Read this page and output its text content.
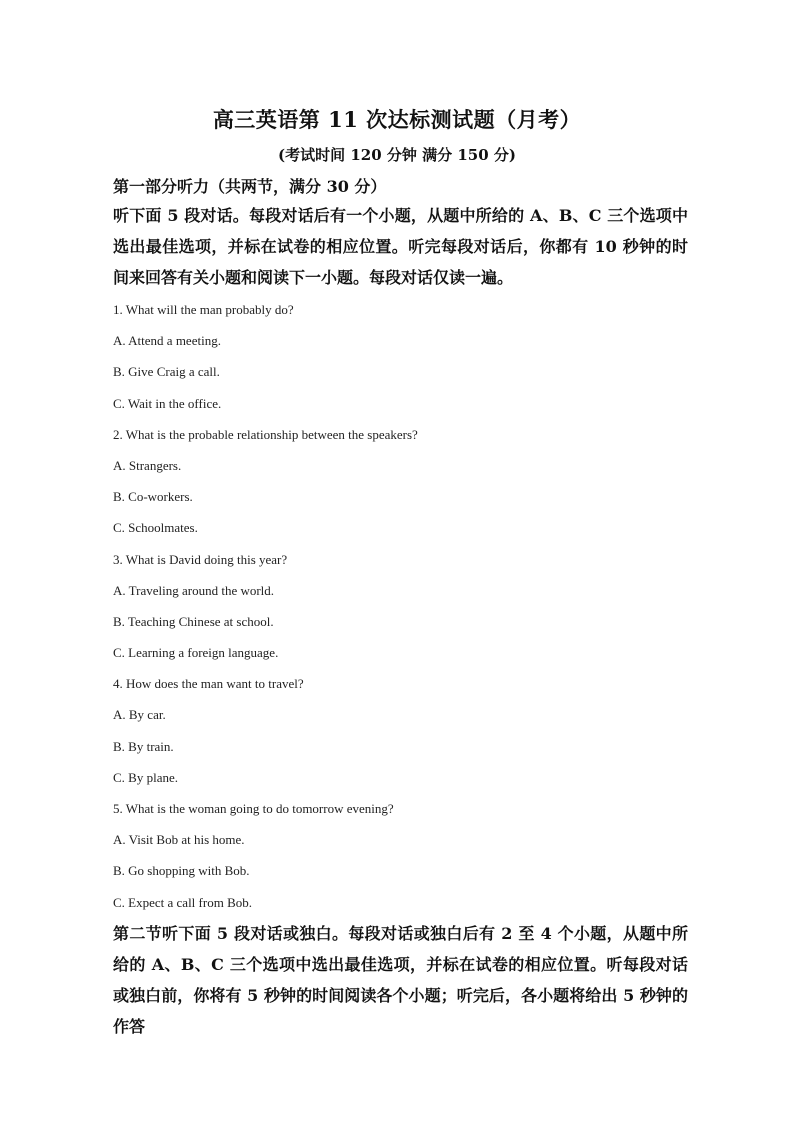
高三英语第 11 次达标测试题（月考）
(考试时间 120 分钟 满分 150 分)
第一部分听力（共两节，满分 30 分）
听下面 5 段对话。每段对话后有一个小题，从题中所给的 A、B、C 三个选项中选出最佳选项，并标在试卷的相应位置。听完每段对话后，你都有 10 秒钟的时间来回答有关小题和阅读下一小题。每段对话仅读一遍。
1. What will the man probably do?
A. Attend a meeting.
B. Give Craig a call.
C. Wait in the office.
2. What is the probable relationship between the speakers?
A. Strangers.
B. Co-workers.
C. Schoolmates.
3. What is David doing this year?
A. Traveling around the world.
B. Teaching Chinese at school.
C. Learning a foreign language.
4. How does the man want to travel?
A. By car.
B. By train.
C. By plane.
5. What is the woman going to do tomorrow evening?
A. Visit Bob at his home.
B. Go shopping with Bob.
C. Expect a call from Bob.
第二节听下面 5 段对话或独白。每段对话或独白后有 2 至 4 个小题，从题中所给的 A、B、C 三个选项中选出最佳选项，并标在试卷的相应位置。听每段对话或独白前，你将有 5 秒钟的时间阅读各个小题；听完后，各小题将给出 5 秒钟的作答
